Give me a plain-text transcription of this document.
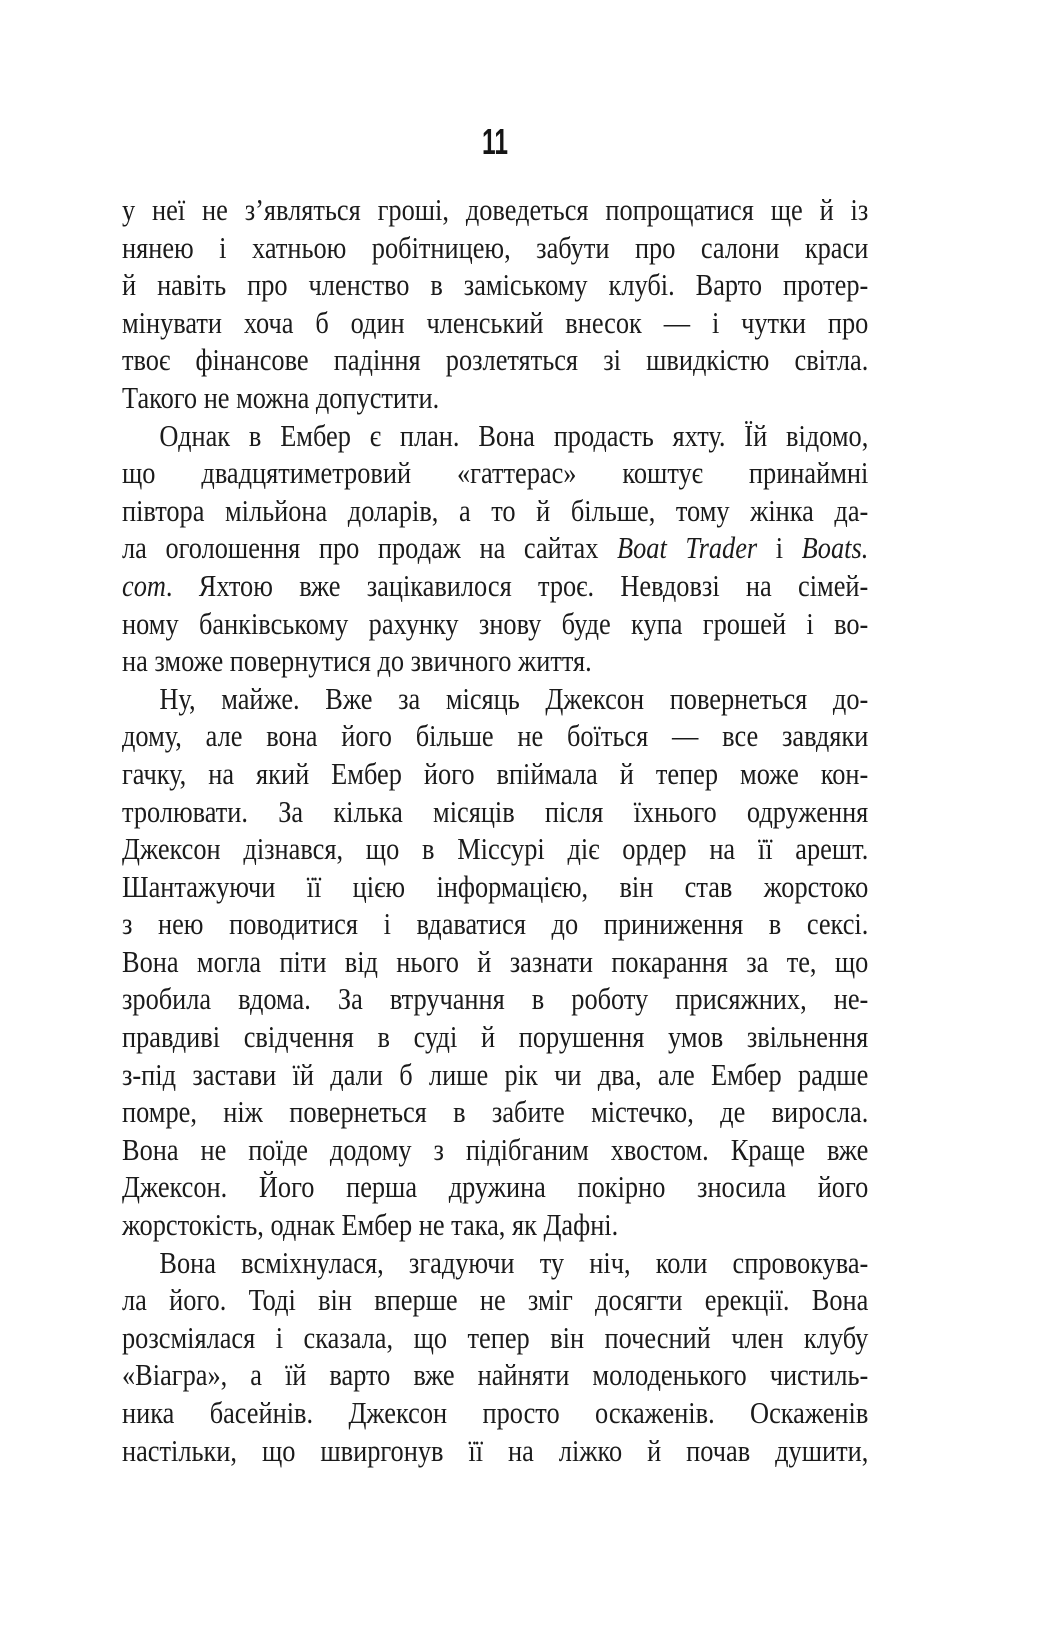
11
у неї не з’являться гроші, доведеться попрощатися ще й із
нянею і хатньою робітницею, забути про салони краси
й навіть про членство в заміському клубі. Варто протер-
мінувати хоча б один членський внесок — і чутки про
твоє фінансове падіння розлетяться зі швидкістю світла.
Такого не можна допустити.
Однак в Ембер є план. Вона продасть яхту. Їй відомо,
що двадцятиметровий «гаттерас» коштує принаймні
півтора мільйона доларів, а то й більше, тому жінка да-
ла оголошення про продаж на сайтах Boat Trader і Boats.
com. Яхтою вже зацікавилося троє. Невдовзі на сімей-
ному банківському рахунку знову буде купа грошей і во-
на зможе повернутися до звичного життя.
Ну, майже. Вже за місяць Джексон повернеться до-
дому, але вона його більше не боїться — все завдяки
гачку, на який Ембер його впіймала й тепер може кон-
тролювати. За кілька місяців після їхнього одруження
Джексон дізнався, що в Міссурі діє ордер на її арешт.
Шантажуючи її цією інформацією, він став жорстоко
з нею поводитися і вдаватися до приниження в сексі.
Вона могла піти від нього й зазнати покарання за те, що
зробила вдома. За втручання в роботу присяжних, не-
правдиві свідчення в суді й порушення умов звільнення
з-під застави їй дали б лише рік чи два, але Ембер радше
помре, ніж повернеться в забите містечко, де виросла.
Вона не поїде додому з підібганим хвостом. Краще вже
Джексон. Його перша дружина покірно зносила його
жорстокість, однак Ембер не така, як Дафні.
Вона всміхнулася, згадуючи ту ніч, коли спровокува-
ла його. Тоді він вперше не зміг досягти ерекції. Вона
розсміялася і сказала, що тепер він почесний член клубу
«Віагра», а їй варто вже найняти молоденького чистиль-
ника басейнів. Джексон просто оскаженів. Оскаженів
настільки, що швиргонув її на ліжко й почав душити,
